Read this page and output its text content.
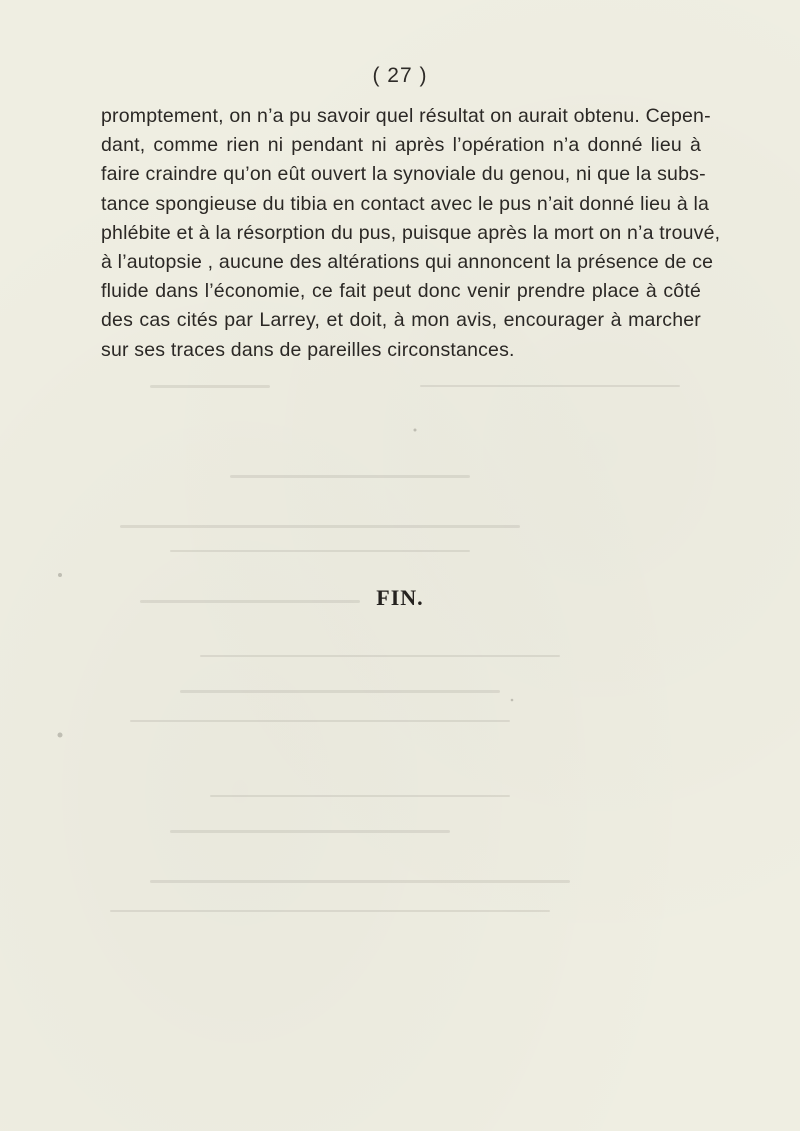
( 27 )
promptement, on n’a pu savoir quel résultat on aurait obtenu. Cepen-
dant, comme rien ni pendant ni après l’opération n’a donné lieu à
faire craindre qu’on eût ouvert la synoviale du genou, ni que la subs-
tance spongieuse du tibia en contact avec le pus n’ait donné lieu à la
phlébite et à la résorption du pus, puisque après la mort on n’a trouvé,
à l’autopsie , aucune des altérations qui annoncent la présence de ce
fluide dans l’économie, ce fait peut donc venir prendre place à côté
des cas cités par Larrey, et doit, à mon avis, encourager à marcher
sur ses traces dans de pareilles circonstances.
FIN.
